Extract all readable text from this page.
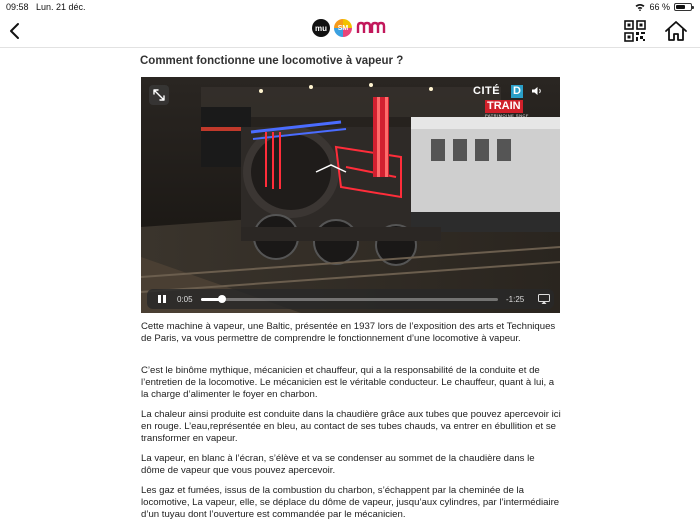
09:58 Lun. 21 déc.	66 %
mu	SM
Comment fonctionne une locomotive à vapeur ?
CITÉ D
TRAIN
PATRIMOINE SNCF
0:05	-1:25

Cette machine à vapeur, une Baltic, présentée en 1937 lors de l’exposition des arts et Techniques de Paris, va vous permettre de comprendre le fonctionnement d’une locomotive à vapeur.

C’est le binôme mythique, mécanicien et chauffeur, qui a la responsabilité de la conduite et de l’entretien de la locomotive. Le mécanicien est le véritable conducteur. Le chauffeur, quant à lui, a la charge d’alimenter le foyer en charbon.

La chaleur ainsi produite est conduite dans la chaudière grâce aux tubes que pouvez apercevoir ici en rouge. L’eau,représentée en bleu, au contact de ses tubes chauds, va entrer en ébullition et se transformer en vapeur.

La vapeur, en blanc à l’écran, s’élève et va se condenser au sommet de la chaudière dans le dôme de vapeur que vous pouvez apercevoir.

Les gaz et fumées, issus de la combustion du charbon, s’échappent par la cheminée de la locomotive, La vapeur, elle, se déplace du dôme de vapeur, jusqu’aux cylindres, par l’intermédiaire d’un tuyau dont l’ouverture est commandée par le mécanicien.
